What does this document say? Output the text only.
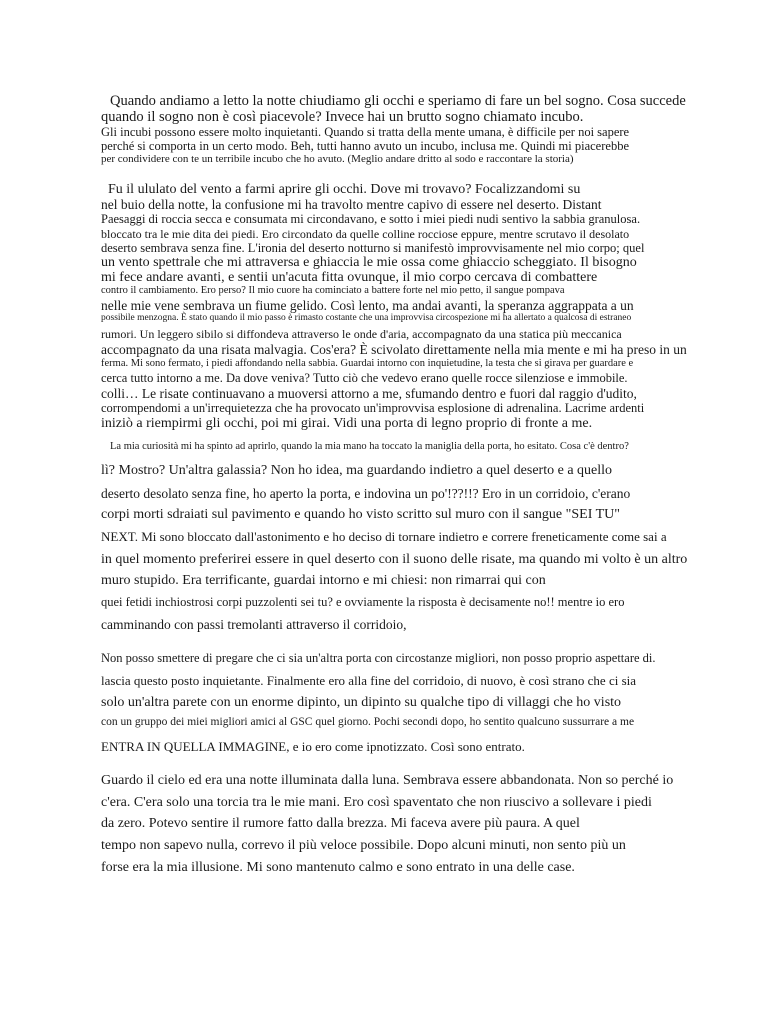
Quando andiamo a letto la notte chiudiamo gli occhi e speriamo di fare un bel sogno. Cosa succede
quando il sogno non è così piacevole? Invece hai un brutto sogno chiamato incubo.
Gli incubi possono essere molto inquietanti. Quando si tratta della mente umana, è difficile per noi sapere
perché si comporta in un certo modo. Beh, tutti hanno avuto un incubo, inclusa me. Quindi mi piacerebbe
per condividere con te un terribile incubo che ho avuto. (Meglio andare dritto al sodo e raccontare la storia)
Fu il ululato del vento a farmi aprire gli occhi. Dove mi trovavo? Focalizzandomi su
nel buio della notte, la confusione mi ha travolto mentre capivo di essere nel deserto. Distant
Paesaggi di roccia secca e consumata mi circondavano, e sotto i miei piedi nudi sentivo la sabbia granulosa.
bloccato tra le mie dita dei piedi. Ero circondato da quelle colline rocciose eppure, mentre scrutavo il desolato
deserto sembrava senza fine. L'ironia del deserto notturno si manifestò improvvisamente nel mio corpo; quel
un vento spettrale che mi attraversa e ghiaccia le mie ossa come ghiaccio scheggiato. Il bisogno
mi fece andare avanti, e sentii un'acuta fitta ovunque, il mio corpo cercava di combattere
contro il cambiamento. Ero perso? Il mio cuore ha cominciato a battere forte nel mio petto, il sangue pompava
nelle mie vene sembrava un fiume gelido. Così lento, ma andai avanti, la speranza aggrappata a un
possibile menzogna. È stato quando il mio passo è rimasto costante che una improvvisa circospezione mi ha allertato a qualcosa di estraneo
rumori. Un leggero sibilo si diffondeva attraverso le onde d'aria, accompagnato da una statica più meccanica
accompagnato da una risata malvagia. Cos'era? È scivolato direttamente nella mia mente e mi ha preso in un
ferma. Mi sono fermato, i piedi affondando nella sabbia. Guardai intorno con inquietudine, la testa che si girava per guardare e
cerca tutto intorno a me. Da dove veniva? Tutto ciò che vedevo erano quelle rocce silenziose e immobile.
colli… Le risate continuavano a muoversi attorno a me, sfumando dentro e fuori dal raggio d'udito,
corrompendomi a un'irrequietezza che ha provocato un'improvvisa esplosione di adrenalina. Lacrime ardenti
iniziò a riempirmi gli occhi, poi mi girai. Vidi una porta di legno proprio di fronte a me.
La mia curiosità mi ha spinto ad aprirlo, quando la mia mano ha toccato la maniglia della porta, ho esitato. Cosa c'è dentro?
lì? Mostro? Un'altra galassia? Non ho idea, ma guardando indietro a quel deserto e a quello
deserto desolato senza fine, ho aperto la porta, e indovina un po'!??!!? Ero in un corridoio, c'erano
corpi morti sdraiati sul pavimento e quando ho visto scritto sul muro con il sangue "SEI TU"
NEXT. Mi sono bloccato dall'astonimento e ho deciso di tornare indietro e correre freneticamente come sai a
in quel momento preferirei essere in quel deserto con il suono delle risate, ma quando mi volto è un altro
muro stupido. Era terrificante, guardai intorno e mi chiesi: non rimarrai qui con
quei fetidi inchiostrosi corpi puzzolenti sei tu? e ovviamente la risposta è decisamente no!! mentre io ero
camminando con passi tremolanti attraverso il corridoio,
Non posso smettere di pregare che ci sia un'altra porta con circostanze migliori, non posso proprio aspettare di.
lascia questo posto inquietante. Finalmente ero alla fine del corridoio, di nuovo, è così strano che ci sia
solo un'altra parete con un enorme dipinto, un dipinto su qualche tipo di villaggi che ho visto
con un gruppo dei miei migliori amici al GSC quel giorno. Pochi secondi dopo, ho sentito qualcuno sussurrare a me
ENTRA IN QUELLA IMMAGINE, e io ero come ipnotizzato. Così sono entrato.
Guardo il cielo ed era una notte illuminata dalla luna. Sembrava essere abbandonata. Non so perché io
c'era. C'era solo una torcia tra le mie mani. Ero così spaventato che non riuscivo a sollevare i piedi
da zero. Potevo sentire il rumore fatto dalla brezza. Mi faceva avere più paura. A quel
tempo non sapevo nulla, correvo il più veloce possibile. Dopo alcuni minuti, non sento più un
forse era la mia illusione. Mi sono mantenuto calmo e sono entrato in una delle case.
